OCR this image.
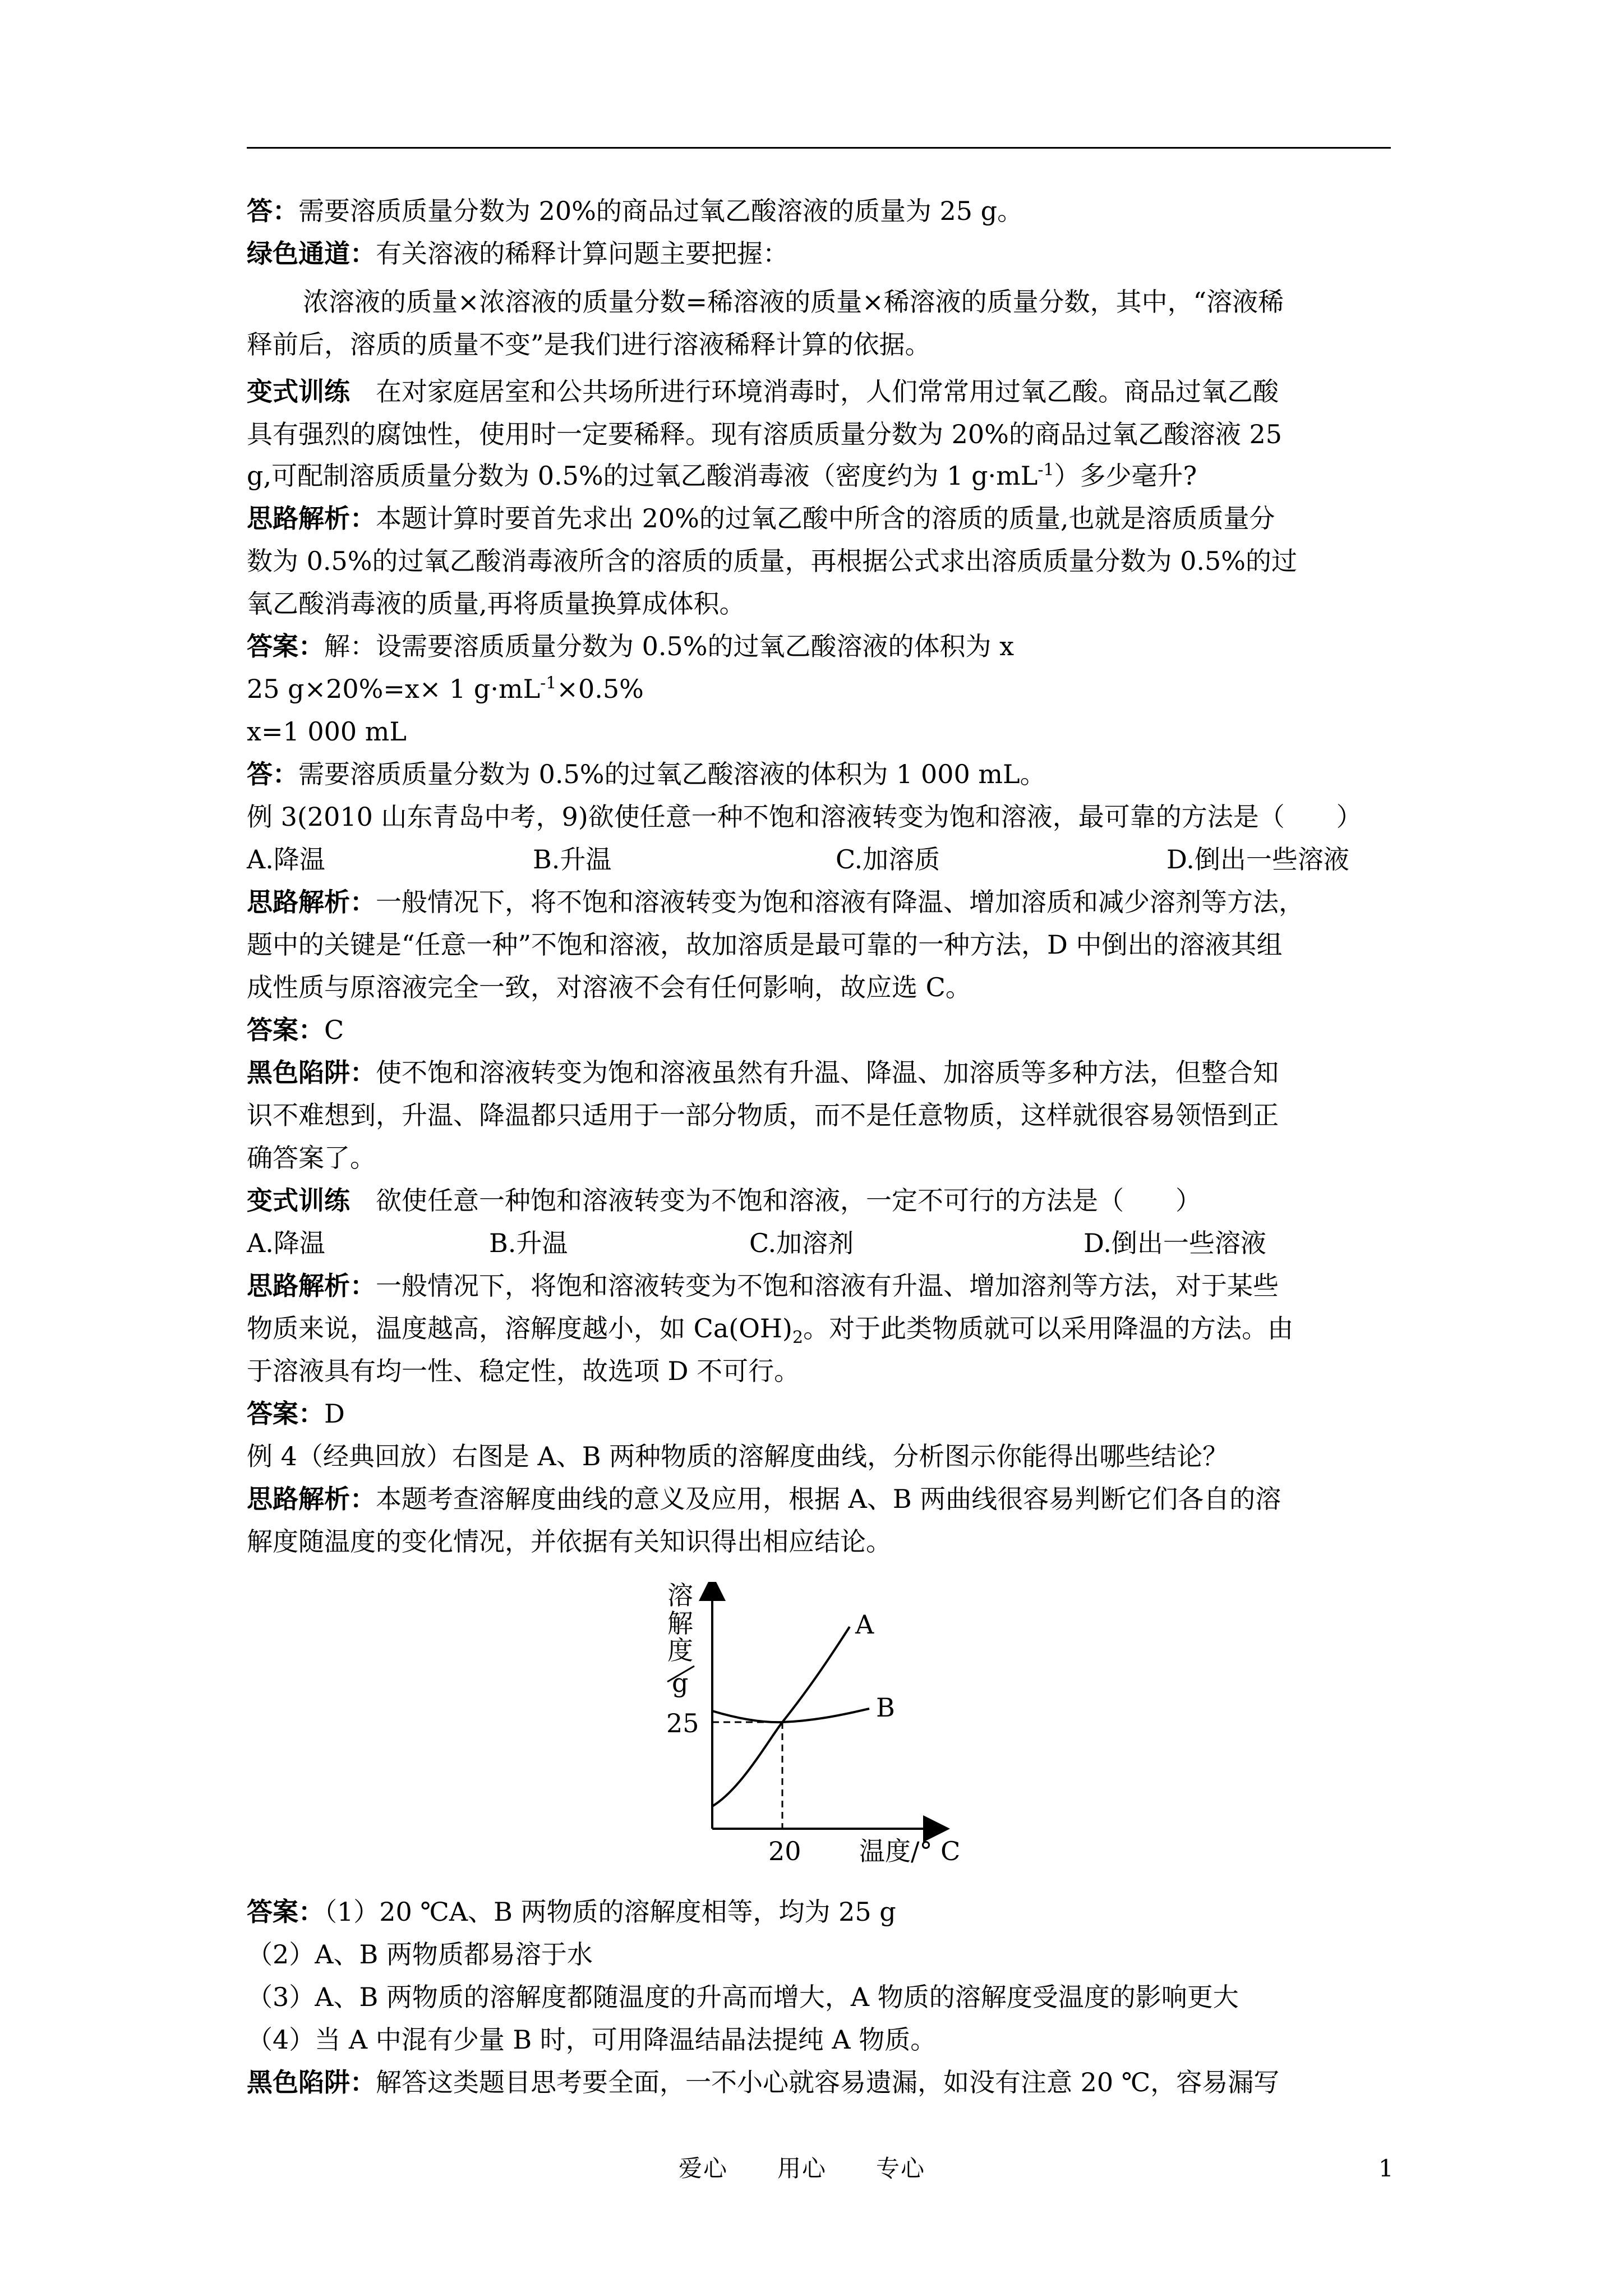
答：需要溶质质量分数为 20%的商品过氧乙酸溶液的质量为 25 g。
绿色通道：有关溶液的稀释计算问题主要把握：
浓溶液的质量×浓溶液的质量分数=稀溶液的质量×稀溶液的质量分数，其中，“溶液稀
释前后，溶质的质量不变”是我们进行溶液稀释计算的依据。
变式训练　在对家庭居室和公共场所进行环境消毒时，人们常常用过氧乙酸。商品过氧乙酸
具有强烈的腐蚀性，使用时一定要稀释。现有溶质质量分数为 20%的商品过氧乙酸溶液 25
g,可配制溶质质量分数为 0.5%的过氧乙酸消毒液（密度约为 1 $g\cdot mL^{-1}$）多少毫升?
思路解析：本题计算时要首先求出 20%的过氧乙酸中所含的溶质的质量,也就是溶质质量分
数为 0.5%的过氧乙酸消毒液所含的溶质的质量，再根据公式求出溶质质量分数为 0.5%的过
氧乙酸消毒液的质量,再将质量换算成体积。
答案：解：设需要溶质质量分数为 0.5%的过氧乙酸溶液的体积为 x
25 g×20%=x× 1 $g\cdot mL^{-1}\times 0.5\%$
x=1 000 mL
答：需要溶质质量分数为 0.5%的过氧乙酸溶液的体积为 1 000 mL。
例 3(2010 山东青岛中考，9)欲使任意一种不饱和溶液转变为饱和溶液，最可靠的方法是（　　）
A.降温	B.升温	C.加溶质	D.倒出一些溶液
思路解析：一般情况下，将不饱和溶液转变为饱和溶液有降温、增加溶质和减少溶剂等方法，
题中的关键是“任意一种”不饱和溶液，故加溶质是最可靠的一种方法，D 中倒出的溶液其组
成性质与原溶液完全一致，对溶液不会有任何影响，故应选 C。
答案：C
黑色陷阱：使不饱和溶液转变为饱和溶液虽然有升温、降温、加溶质等多种方法，但整合知
识不难想到，升温、降温都只适用于一部分物质，而不是任意物质，这样就很容易领悟到正
确答案了。
变式训练　欲使任意一种饱和溶液转变为不饱和溶液，一定不可行的方法是（　　）
A.降温	B.升温	C.加溶剂	D.倒出一些溶液
思路解析：一般情况下，将饱和溶液转变为不饱和溶液有升温、增加溶剂等方法，对于某些
物质来说，温度越高，溶解度越小，如 $Ca(OH)_2$。对于此类物质就可以采用降温的方法。由
于溶液具有均一性、稳定性，故选项 D 不可行。
答案：D
例 4（经典回放）右图是 A、B 两种物质的溶解度曲线，分析图示你能得出哪些结论？
思路解析：本题考查溶解度曲线的意义及应用，根据 A、B 两曲线很容易判断它们各自的溶
解度随温度的变化情况，并依据有关知识得出相应结论。
溶
解
度
g
25
20 温度/° C
A
B
答案：（1）20 ℃A、B 两物质的溶解度相等，均为 25 g
（2）A、B 两物质都易溶于水
（3）A、B 两物质的溶解度都随温度的升高而增大，A 物质的溶解度受温度的影响更大
（4）当 A 中混有少量 B 时，可用降温结晶法提纯 A 物质。
黑色陷阱：解答这类题目思考要全面，一不小心就容易遗漏，如没有注意 20 ℃，容易漏写
爱心　　用心　　专心	1
